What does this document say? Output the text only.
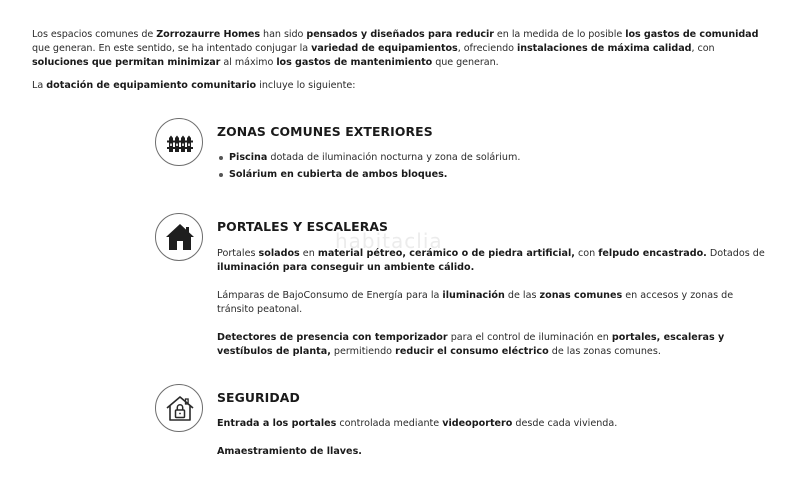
Los espacios comunes de Zorrozaurre Homes han sido pensados y diseñados para reducir en la medida de lo posible los gastos de comunidad que generan. En este sentido, se ha intentado conjugar la variedad de equipamientos, ofreciendo instalaciones de máxima calidad, con soluciones que permitan minimizar al máximo los gastos de mantenimiento que generan.
La dotación de equipamiento comunitario incluye lo siguiente:
ZONAS COMUNES EXTERIORES
Piscina dotada de iluminación nocturna y zona de solárium.
Solárium en cubierta de ambos bloques.
PORTALES Y ESCALERAS

Portales solados en material pétreo, cerámico o de piedra artificial, con felpudo encastrado. Dotados de iluminación para conseguir un ambiente cálido.

Lámparas de BajoConsumo de Energía para la iluminación de las zonas comunes en accesos y zonas de tránsito peatonal.

Detectores de presencia con temporizador para el control de iluminación en portales, escaleras y vestíbulos de planta, permitiendo reducir el consumo eléctrico de las zonas comunes.

SEGURIDAD

Entrada a los portales controlada mediante videoportero desde cada vivienda.

Amaestramiento de llaves.

habitaclia
